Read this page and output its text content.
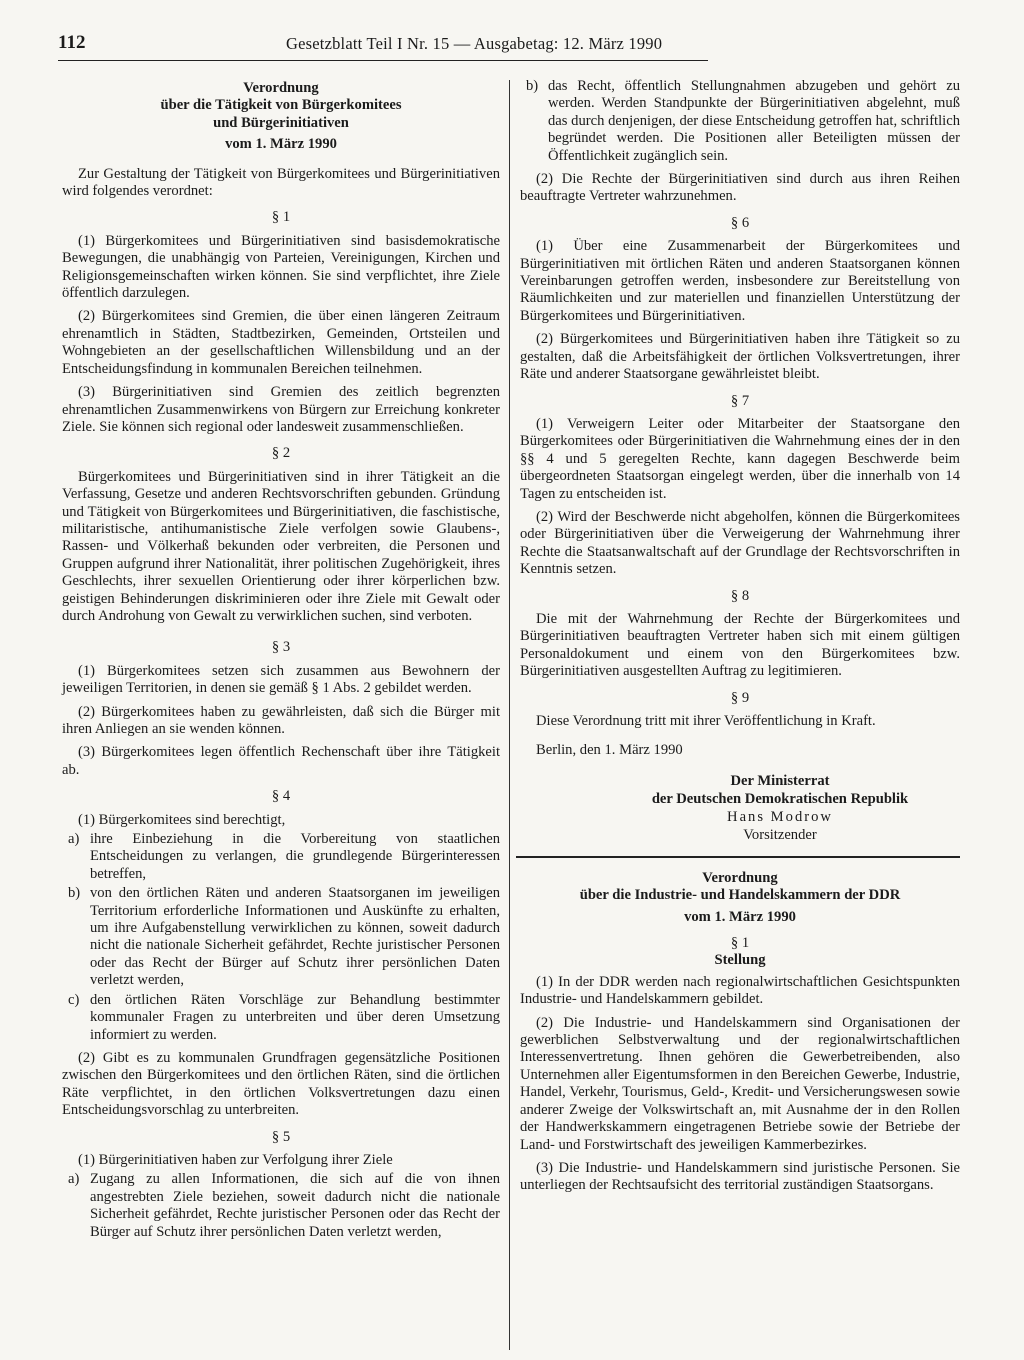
112	Gesetzblatt Teil I Nr. 15 — Ausgabetag: 12. März 1990
Verordnung
über die Tätigkeit von Bürgerkomitees
und Bürgerinitiativen
vom 1. März 1990

Zur Gestaltung der Tätigkeit von Bürgerkomitees und Bürgerinitiativen wird folgendes verordnet:

§ 1

(1) Bürgerkomitees und Bürgerinitiativen sind basisdemokratische Bewegungen, die unabhängig von Parteien, Vereinigungen, Kirchen und Religionsgemeinschaften wirken können. Sie sind verpflichtet, ihre Ziele öffentlich darzulegen.

(2) Bürgerkomitees sind Gremien, die über einen längeren Zeitraum ehrenamtlich in Städten, Stadtbezirken, Gemeinden, Ortsteilen und Wohngebieten an der gesellschaftlichen Willensbildung und an der Entscheidungsfindung in kommunalen Bereichen teilnehmen.

(3) Bürgerinitiativen sind Gremien des zeitlich begrenzten ehrenamtlichen Zusammenwirkens von Bürgern zur Erreichung konkreter Ziele. Sie können sich regional oder landesweit zusammenschließen.

§ 2

Bürgerkomitees und Bürgerinitiativen sind in ihrer Tätigkeit an die Verfassung, Gesetze und anderen Rechtsvorschriften gebunden. Gründung und Tätigkeit von Bürgerkomitees und Bürgerinitiativen, die faschistische, militaristische, antihumanistische Ziele verfolgen sowie Glaubens-, Rassen- und Völkerhaß bekunden oder verbreiten, die Personen und Gruppen aufgrund ihrer Nationalität, ihrer politischen Zugehörigkeit, ihres Geschlechts, ihrer sexuellen Orientierung oder ihrer körperlichen bzw. geistigen Behinderungen diskriminieren oder ihre Ziele mit Gewalt oder durch Androhung von Gewalt zu verwirklichen suchen, sind verboten.

§ 3

(1) Bürgerkomitees setzen sich zusammen aus Bewohnern der jeweiligen Territorien, in denen sie gemäß § 1 Abs. 2 gebildet werden.

(2) Bürgerkomitees haben zu gewährleisten, daß sich die Bürger mit ihren Anliegen an sie wenden können.

(3) Bürgerkomitees legen öffentlich Rechenschaft über ihre Tätigkeit ab.

§ 4

(1) Bürgerkomitees sind berechtigt,

a) ihre Einbeziehung in die Vorbereitung von staatlichen Entscheidungen zu verlangen, die grundlegende Bürgerinteressen betreffen,
b) von den örtlichen Räten und anderen Staatsorganen im jeweiligen Territorium erforderliche Informationen und Auskünfte zu erhalten, um ihre Aufgabenstellung verwirklichen zu können, soweit dadurch nicht die nationale Sicherheit gefährdet, Rechte juristischer Personen oder das Recht der Bürger auf Schutz ihrer persönlichen Daten verletzt werden,
c) den örtlichen Räten Vorschläge zur Behandlung bestimmter kommunaler Fragen zu unterbreiten und über deren Umsetzung informiert zu werden.

(2) Gibt es zu kommunalen Grundfragen gegensätzliche Positionen zwischen den Bürgerkomitees und den örtlichen Räten, sind die örtlichen Räte verpflichtet, in den örtlichen Volksvertretungen dazu einen Entscheidungsvorschlag zu unterbreiten.

§ 5

(1) Bürgerinitiativen haben zur Verfolgung ihrer Ziele

a) Zugang zu allen Informationen, die sich auf die von ihnen angestrebten Ziele beziehen, soweit dadurch nicht die nationale Sicherheit gefährdet, Rechte juristischer Personen oder das Recht der Bürger auf Schutz ihrer persönlichen Daten verletzt werden,
b) das Recht, öffentlich Stellungnahmen abzugeben und gehört zu werden. Werden Standpunkte der Bürgerinitiativen abgelehnt, muß das durch denjenigen, der diese Entscheidung getroffen hat, schriftlich begründet werden. Die Positionen aller Beteiligten müssen der Öffentlichkeit zugänglich sein.

(2) Die Rechte der Bürgerinitiativen sind durch aus ihren Reihen beauftragte Vertreter wahrzunehmen.

§ 6

(1) Über eine Zusammenarbeit der Bürgerkomitees und Bürgerinitiativen mit örtlichen Räten und anderen Staatsorganen können Vereinbarungen getroffen werden, insbesondere zur Bereitstellung von Räumlichkeiten und zur materiellen und finanziellen Unterstützung der Bürgerkomitees und Bürgerinitiativen.

(2) Bürgerkomitees und Bürgerinitiativen haben ihre Tätigkeit so zu gestalten, daß die Arbeitsfähigkeit der örtlichen Volksvertretungen, ihrer Räte und anderer Staatsorgane gewährleistet bleibt.

§ 7

(1) Verweigern Leiter oder Mitarbeiter der Staatsorgane den Bürgerkomitees oder Bürgerinitiativen die Wahrnehmung eines der in den §§ 4 und 5 geregelten Rechte, kann dagegen Beschwerde beim übergeordneten Staatsorgan eingelegt werden, über die innerhalb von 14 Tagen zu entscheiden ist.

(2) Wird der Beschwerde nicht abgeholfen, können die Bürgerkomitees oder Bürgerinitiativen über die Verweigerung der Wahrnehmung ihrer Rechte die Staatsanwaltschaft auf der Grundlage der Rechtsvorschriften in Kenntnis setzen.

§ 8

Die mit der Wahrnehmung der Rechte der Bürgerkomitees und Bürgerinitiativen beauftragten Vertreter haben sich mit einem gültigen Personaldokument und einem von den Bürgerkomitees bzw. Bürgerinitiativen ausgestellten Auftrag zu legitimieren.

§ 9

Diese Verordnung tritt mit ihrer Veröffentlichung in Kraft.

Berlin, den 1. März 1990

Der Ministerrat
der Deutschen Demokratischen Republik
Hans Modrow
Vorsitzender
Verordnung
über die Industrie- und Handelskammern der DDR
vom 1. März 1990
§ 1
Stellung

(1) In der DDR werden nach regionalwirtschaftlichen Gesichtspunkten Industrie- und Handelskammern gebildet.

(2) Die Industrie- und Handelskammern sind Organisationen der gewerblichen Selbstverwaltung und der regionalwirtschaftlichen Interessenvertretung. Ihnen gehören die Gewerbetreibenden, also Unternehmen aller Eigentumsformen in den Bereichen Gewerbe, Industrie, Handel, Verkehr, Tourismus, Geld-, Kredit- und Versicherungswesen sowie anderer Zweige der Volkswirtschaft an, mit Ausnahme der in den Rollen der Handwerkskammern eingetragenen Betriebe sowie der Betriebe der Land- und Forstwirtschaft des jeweiligen Kammerbezirkes.

(3) Die Industrie- und Handelskammern sind juristische Personen. Sie unterliegen der Rechtsaufsicht des territorial zuständigen Staatsorgans.
